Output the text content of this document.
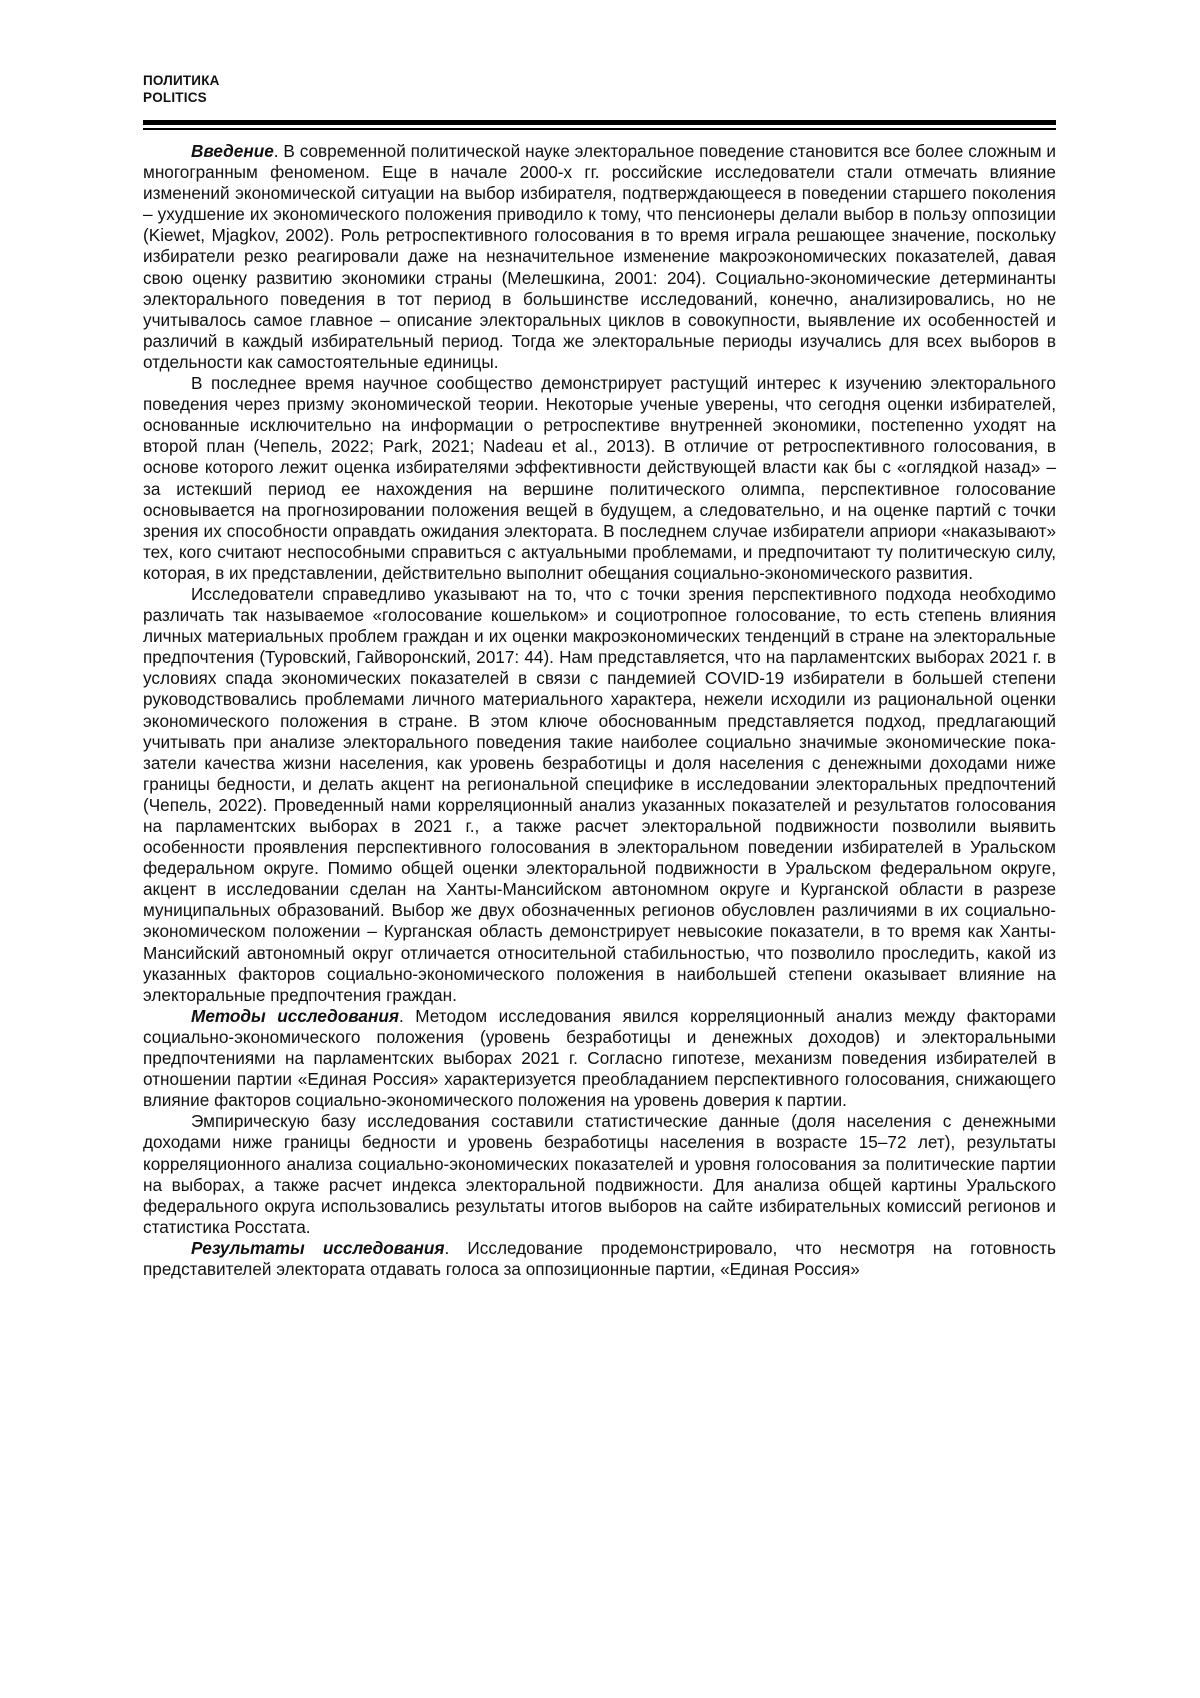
ПОЛИТИКА
POLITICS

Введение. В современной политической науке электоральное поведение становится все более сложным и многогранным феноменом. Еще в начале 2000-х гг. российские исследователи стали отмечать влияние изменений экономической ситуации на выбор избирателя, подтверждающееся в поведении старшего поколения – ухудшение их экономического положения приводило к тому, что пенсионеры делали выбор в пользу оппозиции (Kiewet, Mjagkov, 2002). Роль ретроспективного голосования в то время играла решающее значение, поскольку избиратели резко реагировали даже на незначительное изменение макроэкономических показателей, давая свою оценку развитию экономики страны (Мелешкина, 2001: 204). Социально-экономические детерминанты электорального поведения в тот период в большинстве исследований, конечно, анализировались, но не учитывалось самое главное – описание электоральных циклов в совокупности, выявление их особенностей и различий в каждый избирательный период. Тогда же электоральные периоды изучались для всех выборов в отдельности как самостоятельные единицы.

В последнее время научное сообщество демонстрирует растущий интерес к изучению электорального поведения через призму экономической теории. Некоторые ученые уверены, что сегодня оценки избирателей, основанные исключительно на информации о ретроспективе внутренней экономики, постепенно уходят на второй план (Чепель, 2022; Park, 2021; Nadeau et al., 2013). В отличие от ретроспективного голосования, в основе которого лежит оценка избирателями эффективности действующей власти как бы с «оглядкой назад» – за истекший период ее нахождения на вершине политического олимпа, перспективное голосование основывается на прогнозировании положения вещей в будущем, а следовательно, и на оценке партий с точки зрения их способности оправдать ожидания электората. В последнем случае избиратели априори «наказывают» тех, кого считают неспособными справиться с актуальными проблемами, и предпочитают ту политическую силу, которая, в их представлении, действительно выполнит обещания социально-экономического развития.

Исследователи справедливо указывают на то, что с точки зрения перспективного подхода необходимо различать так называемое «голосование кошельком» и социотропное голосование, то есть степень влияния личных материальных проблем граждан и их оценки макроэкономических тенденций в стране на электоральные предпочтения (Туровский, Гайворонский, 2017: 44). Нам представляется, что на парламентских выборах 2021 г. в условиях спада экономических показателей в связи с пандемией COVID-19 избиратели в большей степени руководствовались проблемами личного материального характера, нежели исходили из рациональной оценки экономического положения в стране. В этом ключе обоснованным представляется подход, предлагающий учитывать при анализе электорального поведения такие наиболее социально значимые экономические показатели качества жизни населения, как уровень безработицы и доля населения с денежными доходами ниже границы бедности, и делать акцент на региональной специфике в исследовании электоральных предпочтений (Чепель, 2022). Проведенный нами корреляционный анализ указанных показателей и результатов голосования на парламентских выборах в 2021 г., а также расчет электоральной подвижности позволили выявить особенности проявления перспективного голосования в электоральном поведении избирателей в Уральском федеральном округе. Помимо общей оценки электоральной подвижности в Уральском федеральном округе, акцент в исследовании сделан на Ханты-Мансийском автономном округе и Курганской области в разрезе муниципальных образований. Выбор же двух обозначенных регионов обусловлен различиями в их социально-экономическом положении – Курганская область демонстрирует невысокие показатели, в то время как Ханты-Мансийский автономный округ отличается относительной стабильностью, что позволило проследить, какой из указанных факторов социально-экономического положения в наибольшей степени оказывает влияние на электоральные предпочтения граждан.

Методы исследования. Методом исследования явился корреляционный анализ между факторами социально-экономического положения (уровень безработицы и денежных доходов) и электоральными предпочтениями на парламентских выборах 2021 г. Согласно гипотезе, механизм поведения избирателей в отношении партии «Единая Россия» характеризуется преобладанием перспективного голосования, снижающего влияние факторов социально-экономического положения на уровень доверия к партии.

Эмпирическую базу исследования составили статистические данные (доля населения с денежными доходами ниже границы бедности и уровень безработицы населения в возрасте 15–72 лет), результаты корреляционного анализа социально-экономических показателей и уровня голосования за политические партии на выборах, а также расчет индекса электоральной подвижности. Для анализа общей картины Уральского федерального округа использовались результаты итогов выборов на сайте избирательных комиссий регионов и статистика Росстата.

Результаты исследования. Исследование продемонстрировало, что несмотря на готовность представителей электората отдавать голоса за оппозиционные партии, «Единая Россия»
